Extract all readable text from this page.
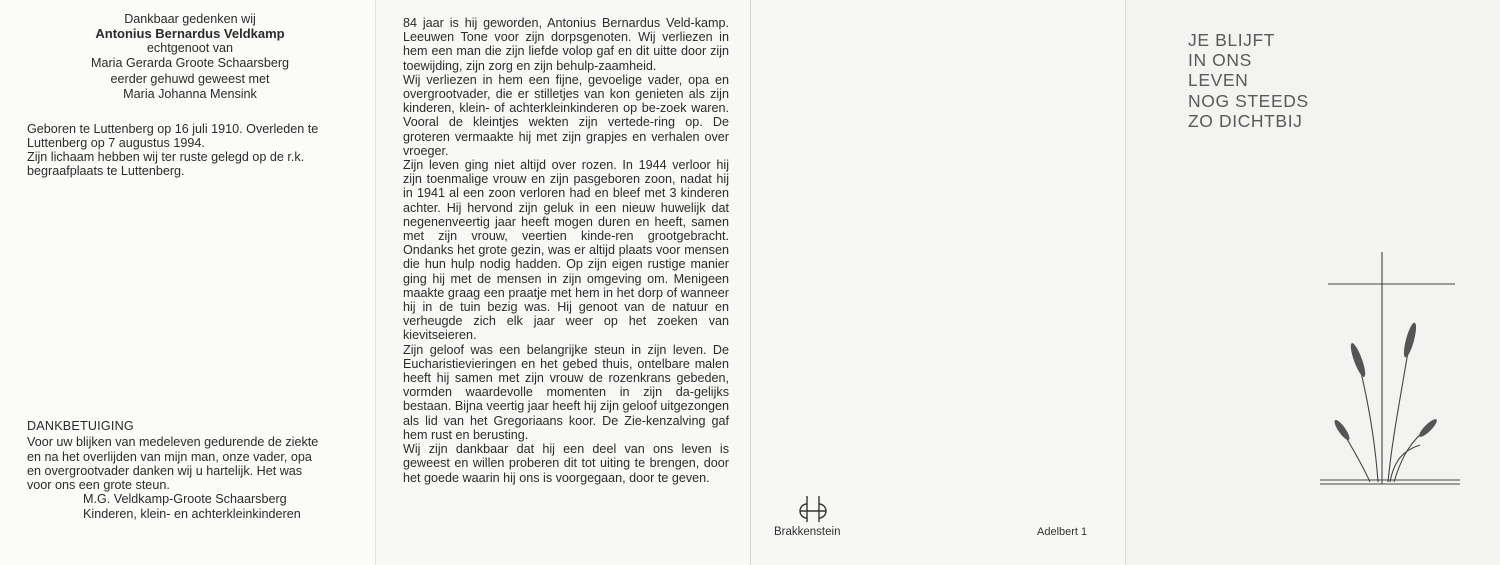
Dankbaar gedenken wij

Antonius Bernardus Veldkamp

echtgenoot van

Maria Gerarda Groote Schaarsberg

eerder gehuwd geweest met

Maria Johanna Mensink

Geboren te Luttenberg op 16 juli 1910. Overleden te

Luttenberg op 7 augustus 1994.

Zijn lichaam hebben wij ter ruste gelegd op de r.k.

begraafplaats te Luttenberg.

DANKBETUIGING

Voor uw blijken van medeleven gedurende de ziekte

en na het overlijden van mijn man, onze vader, opa

en overgrootvader danken wij u hartelijk. Het was

voor ons een grote steun.

M.G. Veldkamp-Groote Schaarsberg

Kinderen, klein- en achterkleinkinderen

84 jaar is hij geworden, Antonius Bernardus Veld-kamp. Leeuwen Tone voor zijn dorpsgenoten. Wij verliezen in hem een man die zijn liefde volop gaf en dit uitte door zijn toewijding, zijn zorg en zijn behulp-zaamheid.

Wij verliezen in hem een fijne, gevoelige vader, opa en overgrootvader, die er stilletjes van kon genieten als zijn kinderen, klein- of achterkleinkinderen op be-zoek waren. Vooral de kleintjes wekten zijn vertede-ring op. De groteren vermaakte hij met zijn grapjes en verhalen over vroeger.

Zijn leven ging niet altijd over rozen. In 1944 verloor hij zijn toenmalige vrouw en zijn pasgeboren zoon, nadat hij in 1941 al een zoon verloren had en bleef met 3 kinderen achter. Hij hervond zijn geluk in een nieuw huwelijk dat negenenveertig jaar heeft mogen duren en heeft, samen met zijn vrouw, veertien kinde-ren grootgebracht. Ondanks het grote gezin, was er altijd plaats voor mensen die hun hulp nodig hadden. Op zijn eigen rustige manier ging hij met de mensen in zijn omgeving om. Menigeen maakte graag een praatje met hem in het dorp of wanneer hij in de tuin bezig was. Hij genoot van de natuur en verheugde zich elk jaar weer op het zoeken van kievitseieren.

Zijn geloof was een belangrijke steun in zijn leven. De Eucharistievieringen en het gebed thuis, ontelbare malen heeft hij samen met zijn vrouw de rozenkrans gebeden, vormden waardevolle momenten in zijn da-gelijks bestaan. Bijna veertig jaar heeft hij zijn geloof uitgezongen als lid van het Gregoriaans koor. De Zie-kenzalving gaf hem rust en berusting.

Wij zijn dankbaar dat hij een deel van ons leven is geweest en willen proberen dit tot uiting te brengen, door het goede waarin hij ons is voorgegaan, door te geven.

Brakkenstein	Adelbert 1
JE BLIJFT
IN ONS
LEVEN
NOG STEEDS
ZO DICHTBIJ
